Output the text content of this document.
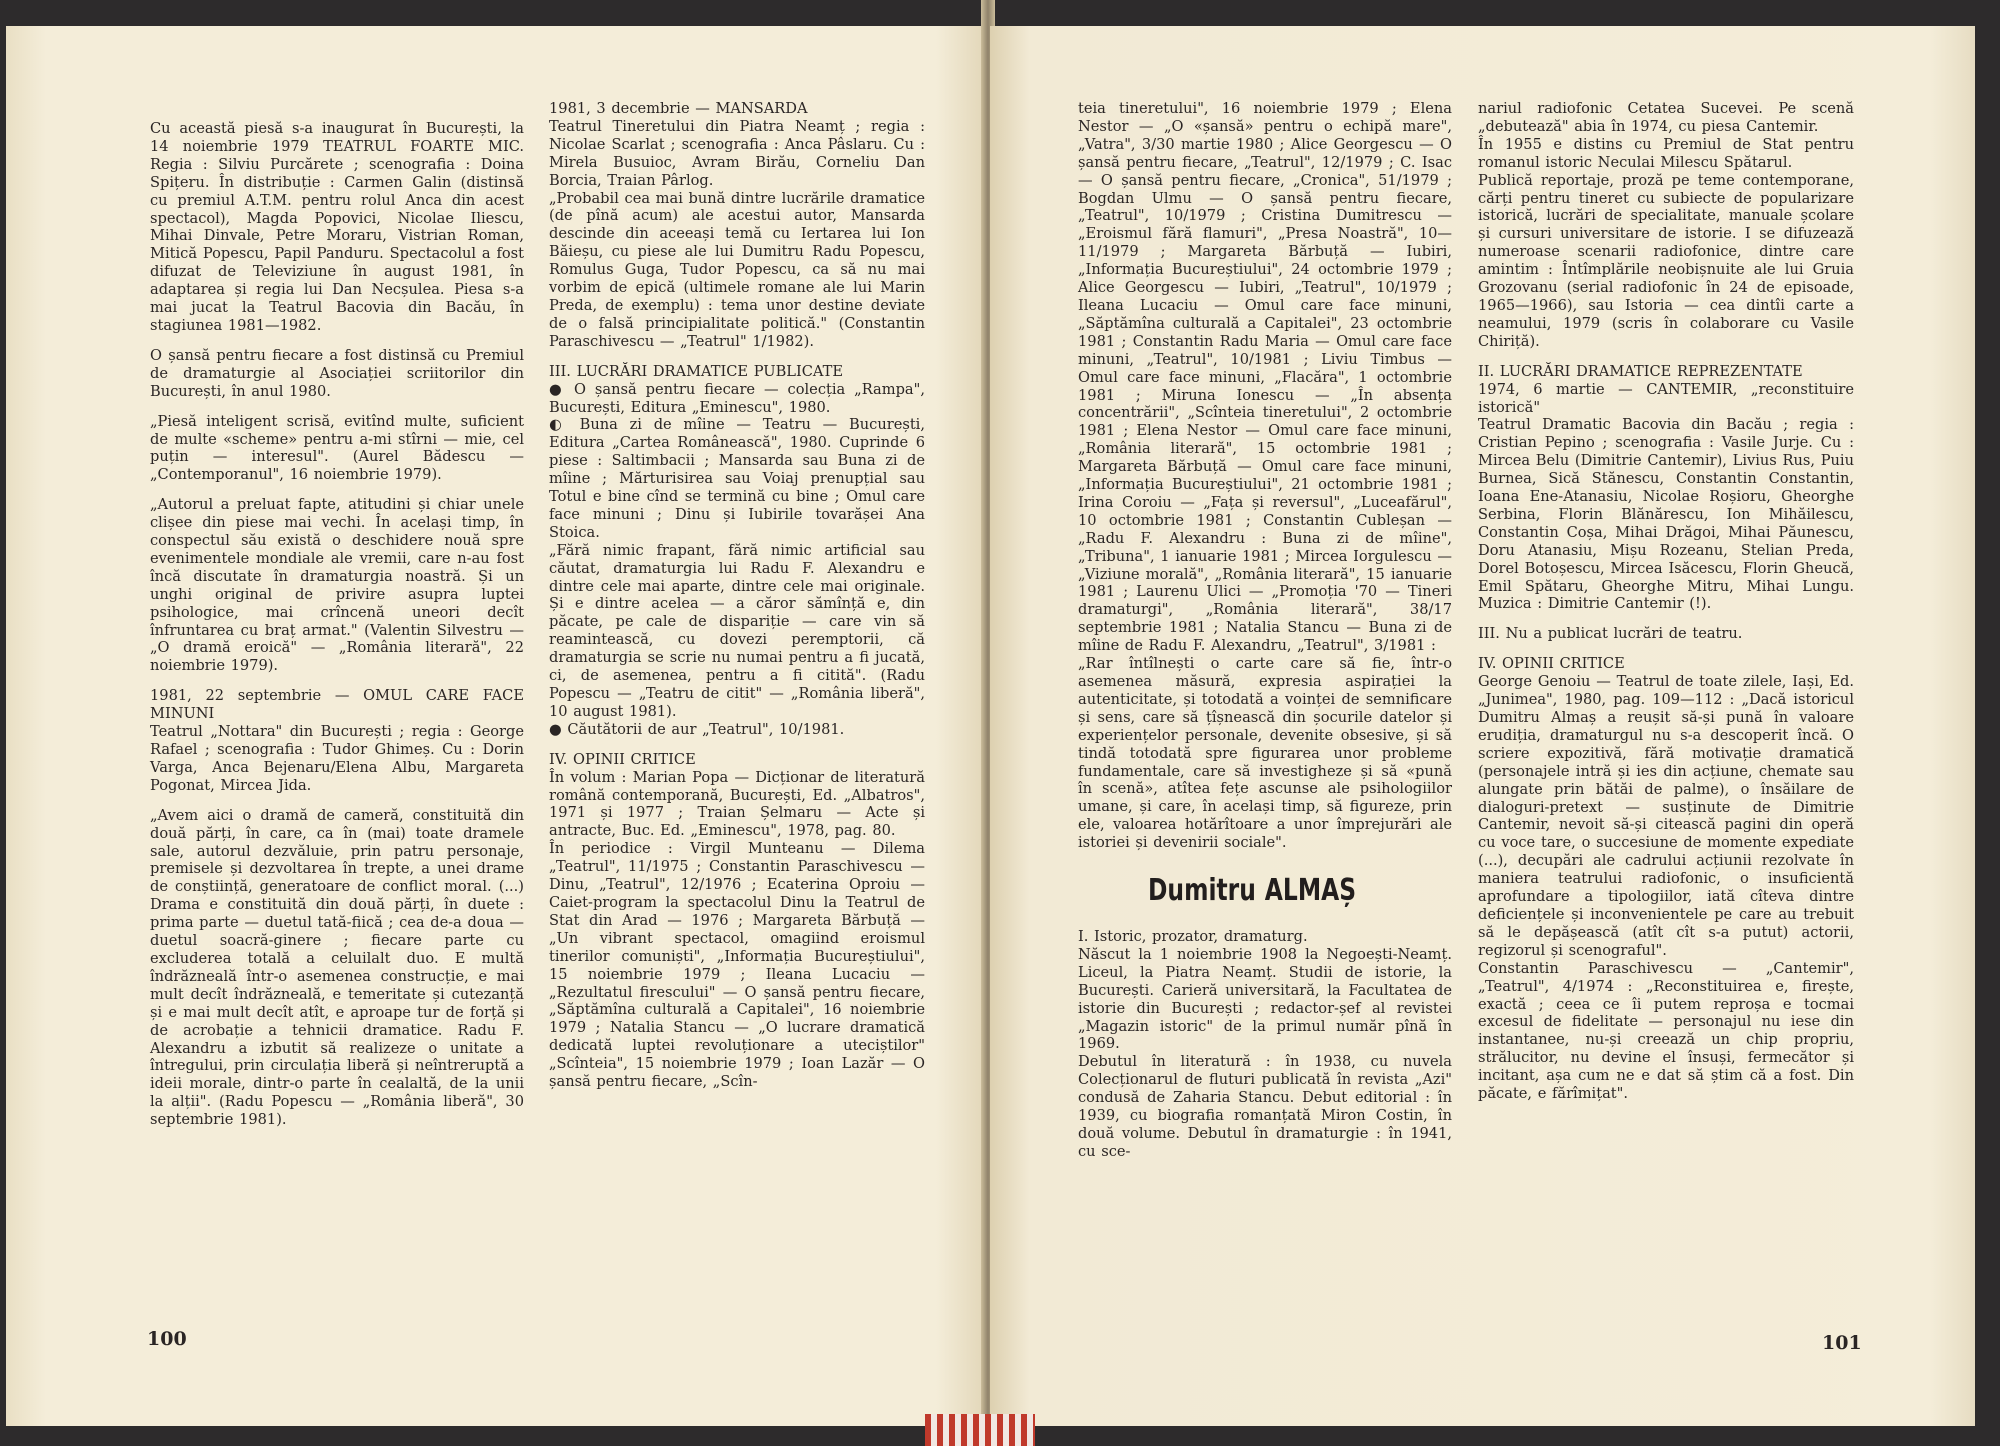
Cu această piesă s-a inaugurat în București, la 14 noiembrie 1979 TEATRUL FOARTE MIC. Regia : Silviu Purcărete ; scenografia : Doina Spițeru. În distribuție : Carmen Galin (distinsă cu premiul A.T.M. pentru rolul Anca din acest spectacol), Magda Popovici, Nicolae Iliescu, Mihai Dinvale, Petre Moraru, Vistrian Roman, Mitică Popescu, Papil Panduru. Spectacolul a fost difuzat de Televiziune în august 1981, în adaptarea și regia lui Dan Necșulea. Piesa s-a mai jucat la Teatrul Bacovia din Bacău, în stagiunea 1981—1982.

O șansă pentru fiecare a fost distinsă cu Premiul de dramaturgie al Asociației scriitorilor din București, în anul 1980.

„Piesă inteligent scrisă, evitînd multe, suficient de multe «scheme» pentru a-mi stîrni — mie, cel puțin — interesul". (Aurel Bădescu — „Contemporanul", 16 noiembrie 1979).

„Autorul a preluat fapte, atitudini și chiar unele clișee din piese mai vechi. În același timp, în conspectul său există o deschidere nouă spre evenimentele mondiale ale vremii, care n-au fost încă discutate în dramaturgia noastră. Și un unghi original de privire asupra luptei psihologice, mai crîncenă uneori decît înfruntarea cu braț armat." (Valentin Silvestru — „O dramă eroică" — „România literară", 22 noiembrie 1979).

1981, 22 septembrie — OMUL CARE FACE MINUNI
Teatrul „Nottara" din București ; regia : George Rafael ; scenografia : Tudor Ghimeș. Cu : Dorin Varga, Anca Bejenaru/Elena Albu, Margareta Pogonat, Mircea Jida.

„Avem aici o dramă de cameră, constituită din două părți, în care, ca în (mai) toate dramele sale, autorul dezvăluie, prin patru personaje, premisele și dezvoltarea în trepte, a unei drame de conștiință, generatoare de conflict moral. (...) Drama e constituită din două părți, în duete : prima parte — duetul tată-fiică ; cea de-a doua — duetul soacră-ginere ; fiecare parte cu excluderea totală a celuilalt duo. E multă îndrăzneală într-o asemenea construcție, e mai mult decît îndrăzneală, e temeritate și cutezanță și e mai mult decît atît, e aproape tur de forță și de acrobație a tehnicii dramatice. Radu F. Alexandru a izbutit să realizeze o unitate a întregului, prin circulația liberă și neîntreruptă a ideii morale, dintr-o parte în cealaltă, de la unii la alții". (Radu Popescu — „România liberă", 30 septembrie 1981).

1981, 3 decembrie — MANSARDA
Teatrul Tineretului din Piatra Neamț ; regia : Nicolae Scarlat ; scenografia : Anca Pâslaru. Cu : Mirela Busuioc, Avram Birău, Corneliu Dan Borcia, Traian Pârlog.
„Probabil cea mai bună dintre lucrările dramatice (de pînă acum) ale acestui autor, Mansarda descinde din aceeași temă cu Iertarea lui Ion Băieșu, cu piese ale lui Dumitru Radu Popescu, Romulus Guga, Tudor Popescu, ca să nu mai vorbim de epică (ultimele romane ale lui Marin Preda, de exemplu) : tema unor destine deviate de o falsă principialitate politică." (Constantin Paraschivescu — „Teatrul" 1/1982).

III. LUCRĂRI DRAMATICE PUBLICATE
● O șansă pentru fiecare — colecția „Rampa", București, Editura „Eminescu", 1980.
◐ Buna zi de mîine — Teatru — București, Editura „Cartea Românească", 1980. Cuprinde 6 piese : Saltimbacii ; Mansarda sau Buna zi de mîine ; Mărturisirea sau Voiaj prenupțial sau Totul e bine cînd se termină cu bine ; Omul care face minuni ; Dinu și Iubirile tovarășei Ana Stoica.
„Fără nimic frapant, fără nimic artificial sau căutat, dramaturgia lui Radu F. Alexandru e dintre cele mai aparte, dintre cele mai originale. Și e dintre acelea — a căror sămînță e, din păcate, pe cale de dispariție — care vin să reamintească, cu dovezi peremptorii, că dramaturgia se scrie nu numai pentru a fi jucată, ci, de asemenea, pentru a fi citită". (Radu Popescu — „Teatru de citit" — „România liberă", 10 august 1981).
● Căutătorii de aur „Teatrul", 10/1981.

IV. OPINII CRITICE
În volum : Marian Popa — Dicționar de literatură română contemporană, București, Ed. „Albatros", 1971 și 1977 ; Traian Șelmaru — Acte și antracte, Buc. Ed. „Eminescu", 1978, pag. 80.
În periodice : Virgil Munteanu — Dilema „Teatrul", 11/1975 ; Constantin Paraschivescu — Dinu, „Teatrul", 12/1976 ; Ecaterina Oproiu — Caiet-program la spectacolul Dinu la Teatrul de Stat din Arad — 1976 ; Margareta Bărbuță — „Un vibrant spectacol, omagiind eroismul tinerilor comuniști", „Informația Bucureștiului", 15 noiembrie 1979 ; Ileana Lucaciu — „Rezultatul firescului" — O șansă pentru fiecare, „Săptămîna culturală a Capitalei", 16 noiembrie 1979 ; Natalia Stancu — „O lucrare dramatică dedicată luptei revoluționare a uteciștilor" „Scînteia", 15 noiembrie 1979 ; Ioan Lazăr — O șansă pentru fiecare, „Scîn-

100

teia tineretului", 16 noiembrie 1979 ; Elena Nestor — „O «șansă» pentru o echipă mare", „Vatra", 3/30 martie 1980 ; Alice Georgescu — O șansă pentru fiecare, „Teatrul", 12/1979 ; C. Isac — O șansă pentru fiecare, „Cronica", 51/1979 ; Bogdan Ulmu — O șansă pentru fiecare, „Teatrul", 10/1979 ; Cristina Dumitrescu — „Eroismul fără flamuri", „Presa Noastră", 10—11/1979 ; Margareta Bărbuță — Iubiri, „Informația Bucureștiului", 24 octombrie 1979 ; Alice Georgescu — Iubiri, „Teatrul", 10/1979 ; Ileana Lucaciu — Omul care face minuni, „Săptămîna culturală a Capitalei", 23 octombrie 1981 ; Constantin Radu Maria — Omul care face minuni, „Teatrul", 10/1981 ; Liviu Timbus — Omul care face minuni, „Flacăra", 1 octombrie 1981 ; Miruna Ionescu — „În absența concentrării", „Scînteia tineretului", 2 octombrie 1981 ; Elena Nestor — Omul care face minuni, „România literară", 15 octombrie 1981 ; Margareta Bărbuță — Omul care face minuni, „Informația Bucureștiului", 21 octombrie 1981 ; Irina Coroiu — „Fața și reversul", „Luceafărul", 10 octombrie 1981 ; Constantin Cubleșan — „Radu F. Alexandru : Buna zi de mîine", „Tribuna", 1 ianuarie 1981 ; Mircea Iorgulescu — „Viziune morală", „România literară", 15 ianuarie 1981 ; Laurenu Ulici — „Promoția '70 — Tineri dramaturgi", „România literară", 38/17 septembrie 1981 ; Natalia Stancu — Buna zi de mîine de Radu F. Alexandru, „Teatrul", 3/1981 :
„Rar întîlnești o carte care să fie, într-o asemenea măsură, expresia aspirației la autenticitate, și totodată a voinței de semnificare și sens, care să țîșnească din șocurile datelor și experiențelor personale, devenite obsesive, și să tindă totodată spre figurarea unor probleme fundamentale, care să investigheze și să «pună în scenă», atîtea fețe ascunse ale psihologiilor umane, și care, în același timp, să figureze, prin ele, valoarea hotărîtoare a unor împrejurări ale istoriei și devenirii sociale".

Dumitru ALMAȘ

I. Istoric, prozator, dramaturg.
Născut la 1 noiembrie 1908 la Negoești-Neamț. Liceul, la Piatra Neamț. Studii de istorie, la București. Carieră universitară, la Facultatea de istorie din București ; redactor-șef al revistei „Magazin istoric" de la primul număr pînă în 1969.
Debutul în literatură : în 1938, cu nuvela Colecționarul de fluturi publicată în revista „Azi" condusă de Zaharia Stancu. Debut editorial : în 1939, cu biografia romanțată Miron Costin, în două volume. Debutul în dramaturgie : în 1941, cu sce-

nariul radiofonic Cetatea Sucevei. Pe scenă „debutează" abia în 1974, cu piesa Cantemir.
În 1955 e distins cu Premiul de Stat pentru romanul istoric Neculai Milescu Spătarul.
Publică reportaje, proză pe teme contemporane, cărți pentru tineret cu subiecte de popularizare istorică, lucrări de specialitate, manuale școlare și cursuri universitare de istorie. I se difuzează numeroase scenarii radiofonice, dintre care amintim : Întîmplările neobișnuite ale lui Gruia Grozovanu (serial radiofonic în 24 de episoade, 1965—1966), sau Istoria — cea dintîi carte a neamului, 1979 (scris în colaborare cu Vasile Chiriță).

II. LUCRĂRI DRAMATICE REPREZENTATE
1974, 6 martie — CANTEMIR, „reconstituire istorică"
Teatrul Dramatic Bacovia din Bacău ; regia : Cristian Pepino ; scenografia : Vasile Jurje. Cu : Mircea Belu (Dimitrie Cantemir), Livius Rus, Puiu Burnea, Sică Stănescu, Constantin Constantin, Ioana Ene-Atanasiu, Nicolae Roșioru, Gheorghe Serbina, Florin Blănărescu, Ion Mihăilescu, Constantin Coșa, Mihai Drăgoi, Mihai Păunescu, Doru Atanasiu, Mișu Rozeanu, Stelian Preda, Dorel Botoșescu, Mircea Isăcescu, Florin Gheucă, Emil Spătaru, Gheorghe Mitru, Mihai Lungu. Muzica : Dimitrie Cantemir (!).

III. Nu a publicat lucrări de teatru.

IV. OPINII CRITICE
George Genoiu — Teatrul de toate zilele, Iași, Ed. „Junimea", 1980, pag. 109—112 : „Dacă istoricul Dumitru Almaș a reușit să-și pună în valoare erudiția, dramaturgul nu s-a descoperit încă. O scriere expozitivă, fără motivație dramatică (personajele intră și ies din acțiune, chemate sau alungate prin bătăi de palme), o însăilare de dialoguri-pretext — susținute de Dimitrie Cantemir, nevoit să-și citească pagini din operă cu voce tare, o succesiune de momente expediate (...), decupări ale cadrului acțiunii rezolvate în maniera teatrului radiofonic, o insuficientă aprofundare a tipologiilor, iată cîteva dintre deficiențele și inconvenientele pe care au trebuit să le depășească (atît cît s-a putut) actorii, regizorul și scenograful".
Constantin Paraschivescu — „Cantemir", „Teatrul", 4/1974 : „Reconstituirea e, firește, exactă ; ceea ce îi putem reproșa e tocmai excesul de fidelitate — personajul nu iese din instantanee, nu-și creează un chip propriu, strălucitor, nu devine el însuși, fermecător și incitant, așa cum ne e dat să știm că a fost. Din păcate, e fărîmițat".

101
